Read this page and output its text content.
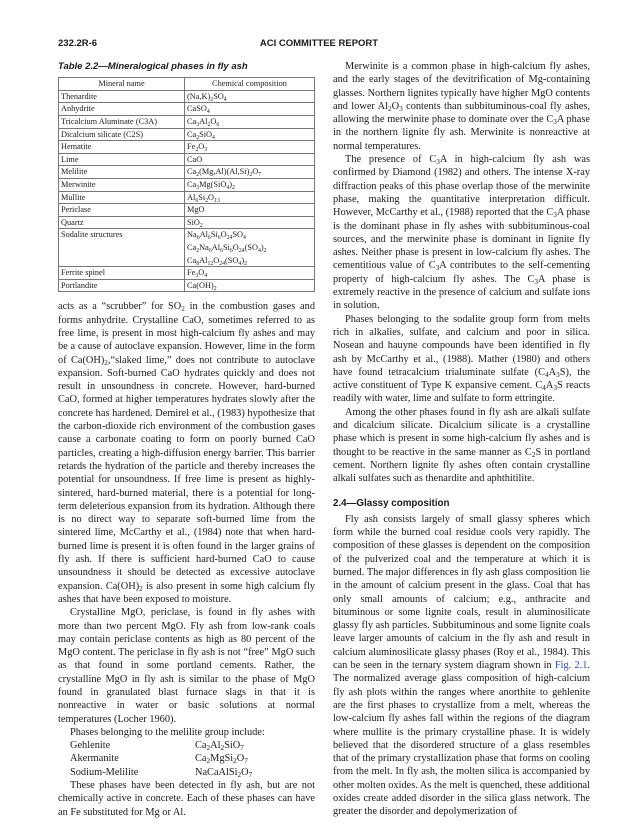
232.2R-6	ACI COMMITTEE REPORT
Table 2.2—Mineralogical phases in fly ash
Mineral name	Chemical composition
Thenardite	$(Na,K)_2SO_4$

Anhydrite	CaSO$_4$

Tricalcium Aluminate (C3A)	$Ca_3Al_2O_6$

Dicalcium silicate (C2S)	$Ca_2SiO_4$

Hematite	$Fe_2O_3$

Lime	CaO

Melilite	$Ca_2(Mg,Al)(Al,Si)_2O_7$

Merwinite	$Ca_3Mg(SiO_4)_2$

Mullite	$Al_6Si_2O_{13}$

Periclase	MgO

Quartz	SiO$_2$

Sodalite structures	$Na_6Al_6Si_6O_{24}SO_4$
$Ca_2Na_6Al_6Si_6O_{24}(SO_4)_2$
$Ca_8Al_{12}O_{24}(SO_4)_2$

Ferrite spinel	$Fe_3O_4$

Portlandite	$Ca(OH)_2$

acts as a “scrubber” for $SO_2$ in the combustion gases and forms anhydrite. Crystalline CaO, sometimes referred to as free lime, is present in most high-calcium fly ashes and may be a cause of autoclave expansion. However, lime in the form of $Ca(OH)_2,“slaked$ lime,” does not contribute to autoclave expansion. Soft-burned CaO hydrates quickly and does not result in unsoundness in concrete. However, hard-burned CaO, formed at higher temperatures hydrates slowly after the concrete has hardened. Demirel et al., (1983) hypothesize that the carbon-dioxide rich environment of the combustion gases cause a carbonate coating to form on poorly burned CaO particles, creating a high-diffusion energy barrier. This barrier retards the hydration of the particle and thereby increases the potential for unsoundness. If free lime is present as highly-sintered, hard-burned material, there is a potential for long-term deleterious expansion from its hydration. Although there is no direct way to separate soft-burned lime from the sintered lime, McCarthy et al., (1984) note that when hard-burned lime is present it is often found in the larger grains of fly ash. If there is sufficient hard-burned CaO to cause unsoundness it should be detected as excessive autoclave expansion. $Ca(OH)_2$ is also present in some high calcium fly ashes that have been exposed to moisture.

Crystalline MgO, periclase, is found in fly ashes with more than two percent MgO. Fly ash from low-rank coals may contain periclase contents as high as 80 percent of the MgO content. The periclase in fly ash is not “free” MgO such as that found in some portland cements. Rather, the crystalline MgO in fly ash is similar to the phase of MgO found in granulated blast furnace slags in that it is nonreactive in water or basic solutions at normal temperatures (Locher 1960).

Phases belonging to the melilite group include:

Gehlenite	$Ca_2Al_2SiO_7$
Akermanite	$Ca_2MgSi_2O_7$
Sodium-Melilite	$NaCaAlSi_2O_7$

These phases have been detected in fly ash, but are not chemically active in concrete. Each of these phases can have an Fe substituted for Mg or Al.

Merwinite is a common phase in high-calcium fly ashes, and the early stages of the devitrification of Mg-containing glasses. Northern lignites typically have higher MgO contents and lower $Al_2O_3$ contents than subbituminous-coal fly ashes, allowing the merwinite phase to dominate over the $C_3A$ phase in the northern lignite fly ash. Merwinite is nonreactive at normal temperatures.

The presence of $C_3A$ in high-calcium fly ash was confirmed by Diamond (1982) and others. The intense X-ray diffraction peaks of this phase overlap those of the merwinite phase, making the quantitative interpretation difficult. However, McCarthy et al., (1988) reported that the $C_3A$ phase is the dominant phase in fly ashes with subbituminous-coal sources, and the merwinite phase is dominant in lignite fly ashes. Neither phase is present in low-calcium fly ashes. The cementitious value of $C_3A$ contributes to the self-cementing property of high-calcium fly ashes. The $C_3A$ phase is extremely reactive in the presence of calcium and sulfate ions in solution.

Phases belonging to the sodalite group form from melts rich in alkalies, sulfate, and calcium and poor in silica. Nosean and hauyne compounds have been identified in fly ash by McCarthy et al., (1988). Mather (1980) and others have found tetracalcium trialuminate sulfate $(C_4A_3S)$, the active constituent of Type K expansive cement. $C_4A_3S$ reacts readily with water, lime and sulfate to form ettringite.

Among the other phases found in fly ash are alkali sulfate and dicalcium silicate. Dicalcium silicate is a crystalline phase which is present in some high-calcium fly ashes and is thought to be reactive in the same manner as $C_2S$ in portland cement. Northern lignite fly ashes often contain crystalline alkali sulfates such as thenardite and aphthitilite.

2.4—Glassy composition

Fly ash consists largely of small glassy spheres which form while the burned coal residue cools very rapidly. The composition of these glasses is dependent on the composition of the pulverized coal and the temperature at which it is burned. The major differences in fly ash glass composition lie in the amount of calcium present in the glass. Coal that has only small amounts of calcium; e.g., anthracite and bituminous or some lignite coals, result in aluminosilicate glassy fly ash particles. Subbituminous and some lignite coals leave larger amounts of calcium in the fly ash and result in calcium aluminosilicate glassy phases (Roy et al., 1984). This can be seen in the ternary system diagram shown in Fig. 2.1. The normalized average glass composition of high-calcium fly ash plots within the ranges where anorthite to gehlenite are the first phases to crystallize from a melt, whereas the low-calcium fly ashes fall within the regions of the diagram where mullite is the primary crystalline phase. It is widely believed that the disordered structure of a glass resembles that of the primary crystallization phase that forms on cooling from the melt. In fly ash, the molten silica is accompanied by other molten oxides. As the melt is quenched, these additional oxides create added disorder in the silica glass network. The greater the disorder and depolymerization of
